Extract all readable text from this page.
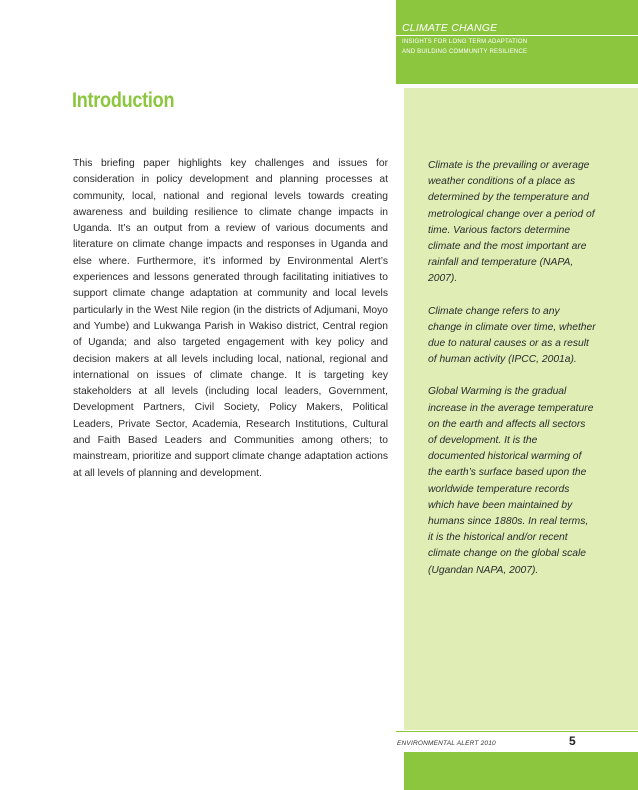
CLIMATE CHANGE
INSIGHTS FOR LONG TERM ADAPTATION
AND BUILDING COMMUNITY RESILIENCE

Climate is the prevailing or average weather conditions of a place as determined by the temperature and metrological change over a period of time. Various factors determine climate and the most important are rainfall and temperature (NAPA, 2007).

Climate change refers to any change in climate over time, whether due to natural causes or as a result of human activity (IPCC, 2001a).

Global Warming is the gradual increase in the average temperature on the earth and affects all sectors of development. It is the documented historical warming of the earth’s surface based upon the worldwide temperature records which have been maintained by humans since 1880s. In real terms, it is the historical and/or recent climate change on the global scale (Ugandan NAPA, 2007).

Introduction

This briefing paper highlights key challenges and issues for consideration in policy development and planning processes at community, local, national and regional levels towards creating awareness and building resilience to climate change impacts in Uganda. It’s an output from a review of various documents and literature on climate change impacts and responses in Uganda and else where. Furthermore, it’s informed by Environmental Alert’s experiences and lessons generated through facilitating initiatives to support climate change adaptation at community and local levels particularly in the West Nile region (in the districts of Adjumani, Moyo and Yumbe) and Lukwanga Parish in Wakiso district, Central region of Uganda; and also targeted engagement with key policy and decision makers at all levels including local, national, regional and international on issues of climate change. It is targeting key stakeholders at all levels (including local leaders, Government, Development Partners, Civil Society, Policy Makers, Political Leaders, Private Sector, Academia, Research Institutions, Cultural and Faith Based Leaders and Communities among others; to mainstream, prioritize and support climate change adaptation actions at all levels of planning and development.

ENVIRONMENTAL ALERT 2010	5
